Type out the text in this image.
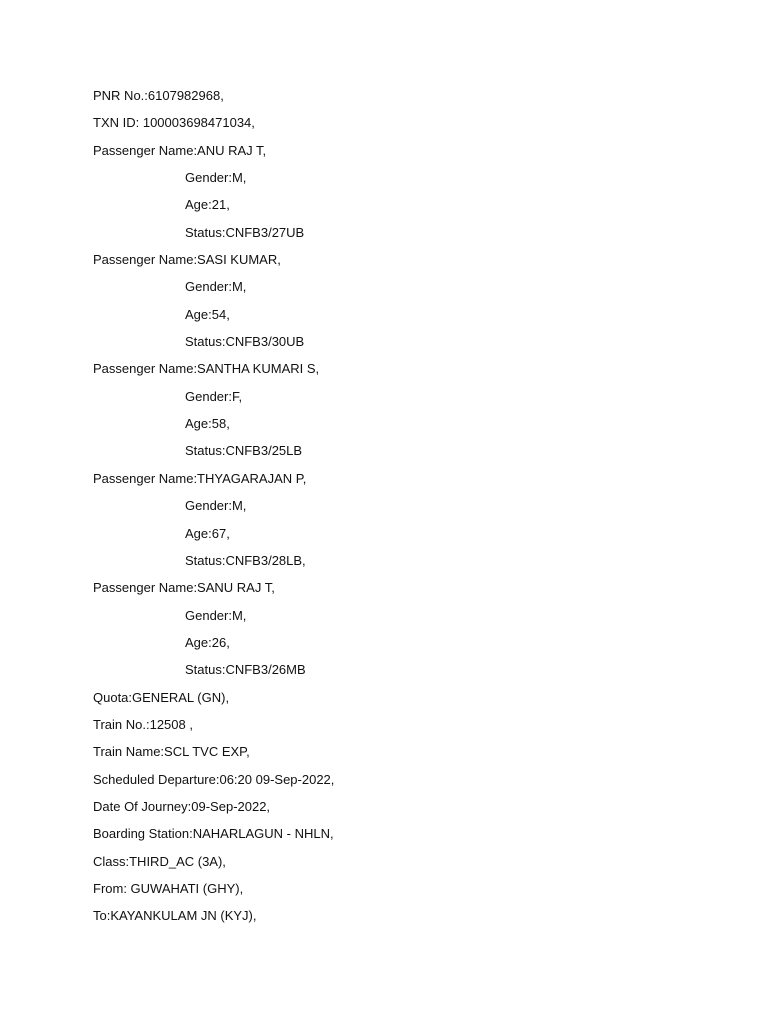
PNR No.:6107982968,
TXN ID: 100003698471034,
Passenger Name:ANU RAJ T,
Gender:M,
Age:21,
Status:CNFB3/27UB
Passenger Name:SASI KUMAR,
Gender:M,
Age:54,
Status:CNFB3/30UB
Passenger Name:SANTHA KUMARI S,
Gender:F,
Age:58,
Status:CNFB3/25LB
Passenger Name:THYAGARAJAN P,
Gender:M,
Age:67,
Status:CNFB3/28LB,
Passenger Name:SANU RAJ T,
Gender:M,
Age:26,
Status:CNFB3/26MB
Quota:GENERAL (GN),
Train No.:12508 ,
Train Name:SCL TVC EXP,
Scheduled Departure:06:20 09-Sep-2022,
Date Of Journey:09-Sep-2022,
Boarding Station:NAHARLAGUN - NHLN,
Class:THIRD_AC (3A),
From: GUWAHATI (GHY),
To:KAYANKULAM JN (KYJ),
